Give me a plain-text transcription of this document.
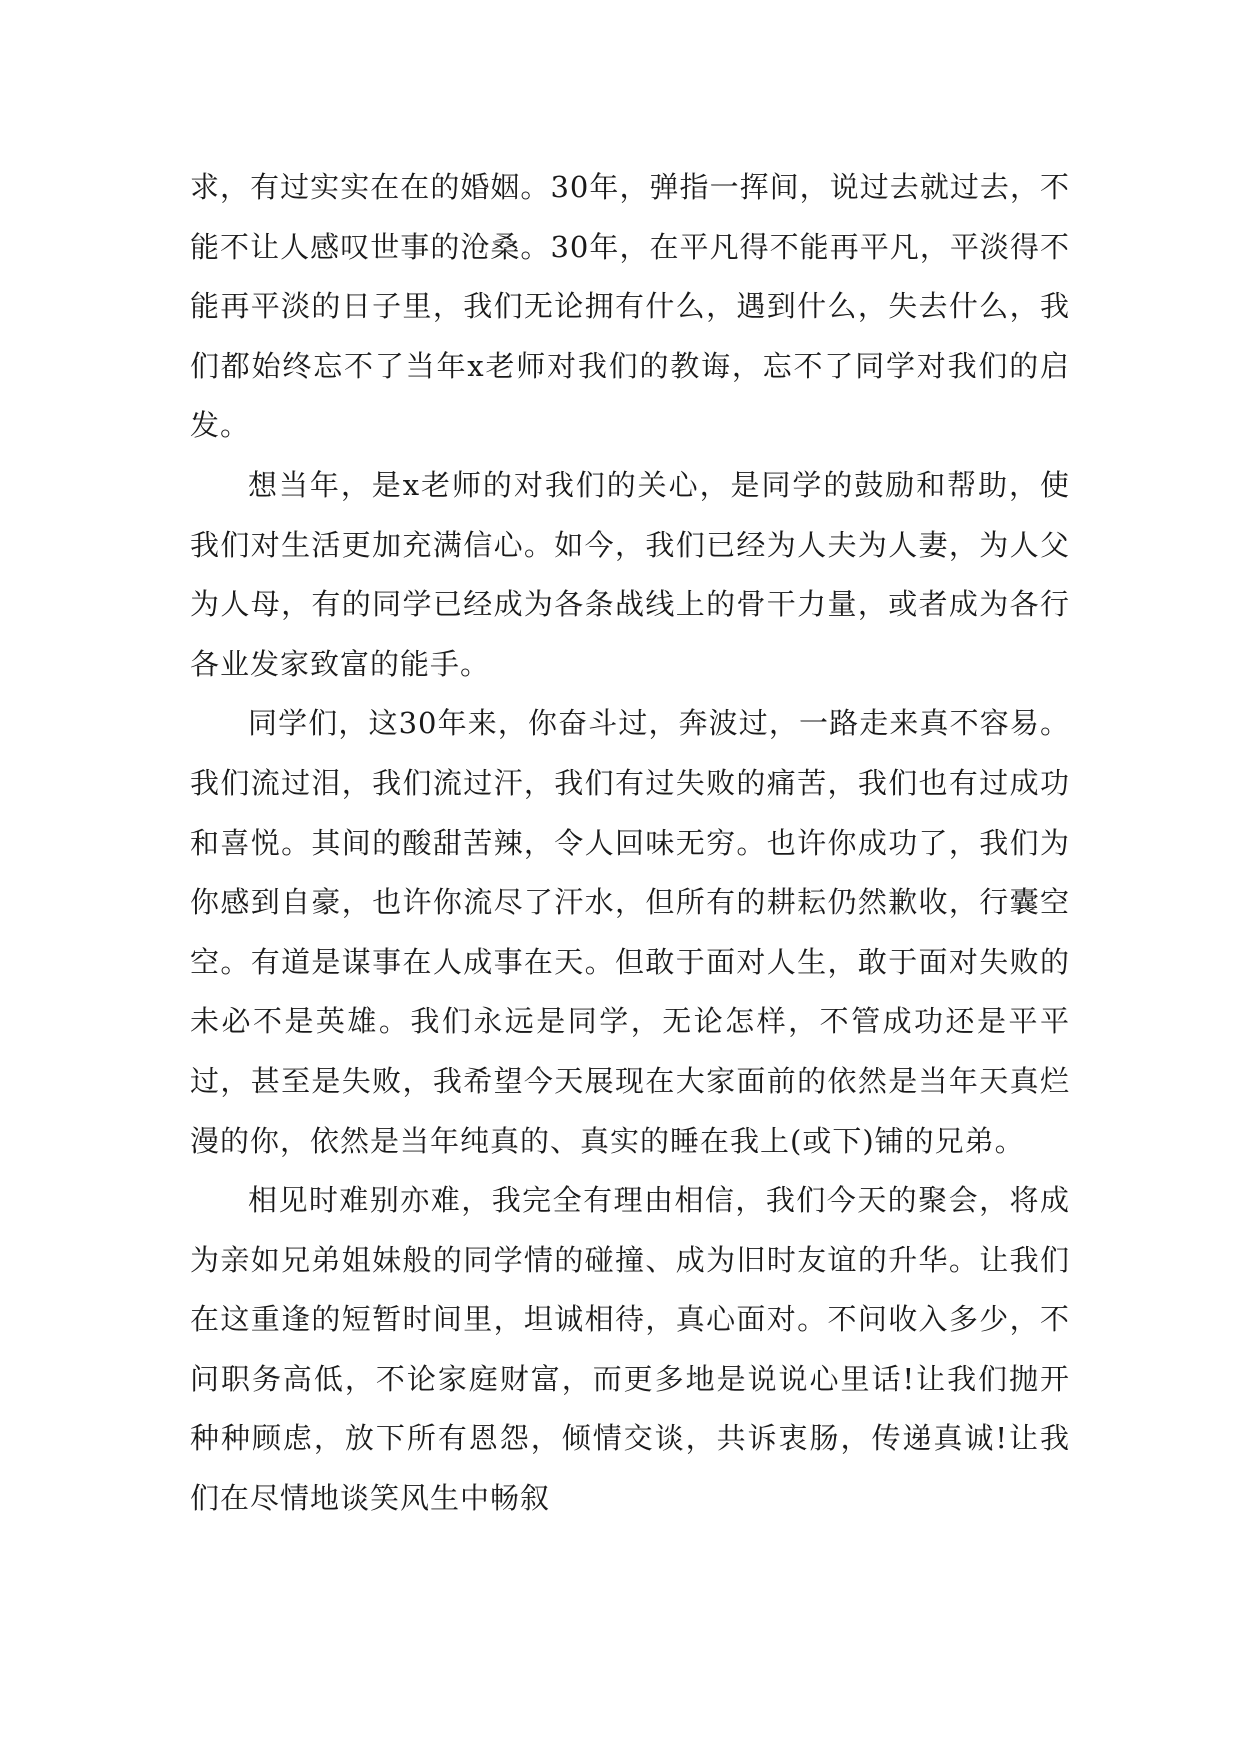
求，有过实实在在的婚姻。30年，弹指一挥间，说过去就过去，不能不让人感叹世事的沧桑。30年，在平凡得不能再平凡，平淡得不能再平淡的日子里，我们无论拥有什么，遇到什么，失去什么，我们都始终忘不了当年x老师对我们的教诲，忘不了同学对我们的启发。

想当年，是x老师的对我们的关心，是同学的鼓励和帮助，使我们对生活更加充满信心。如今，我们已经为人夫为人妻，为人父为人母，有的同学已经成为各条战线上的骨干力量，或者成为各行各业发家致富的能手。

同学们，这30年来，你奋斗过，奔波过，一路走来真不容易。我们流过泪，我们流过汗，我们有过失败的痛苦，我们也有过成功和喜悦。其间的酸甜苦辣，令人回味无穷。也许你成功了，我们为你感到自豪，也许你流尽了汗水，但所有的耕耘仍然歉收，行囊空空。有道是谋事在人成事在天。但敢于面对人生，敢于面对失败的未必不是英雄。我们永远是同学，无论怎样，不管成功还是平平过，甚至是失败，我希望今天展现在大家面前的依然是当年天真烂漫的你，依然是当年纯真的、真实的睡在我上(或下)铺的兄弟。

相见时难别亦难，我完全有理由相信，我们今天的聚会，将成为亲如兄弟姐妹般的同学情的碰撞、成为旧时友谊的升华。让我们在这重逢的短暂时间里，坦诚相待，真心面对。不问收入多少，不问职务高低，不论家庭财富，而更多地是说说心里话!让我们抛开种种顾虑，放下所有恩怨，倾情交谈，共诉衷肠，传递真诚!让我们在尽情地谈笑风生中畅叙
